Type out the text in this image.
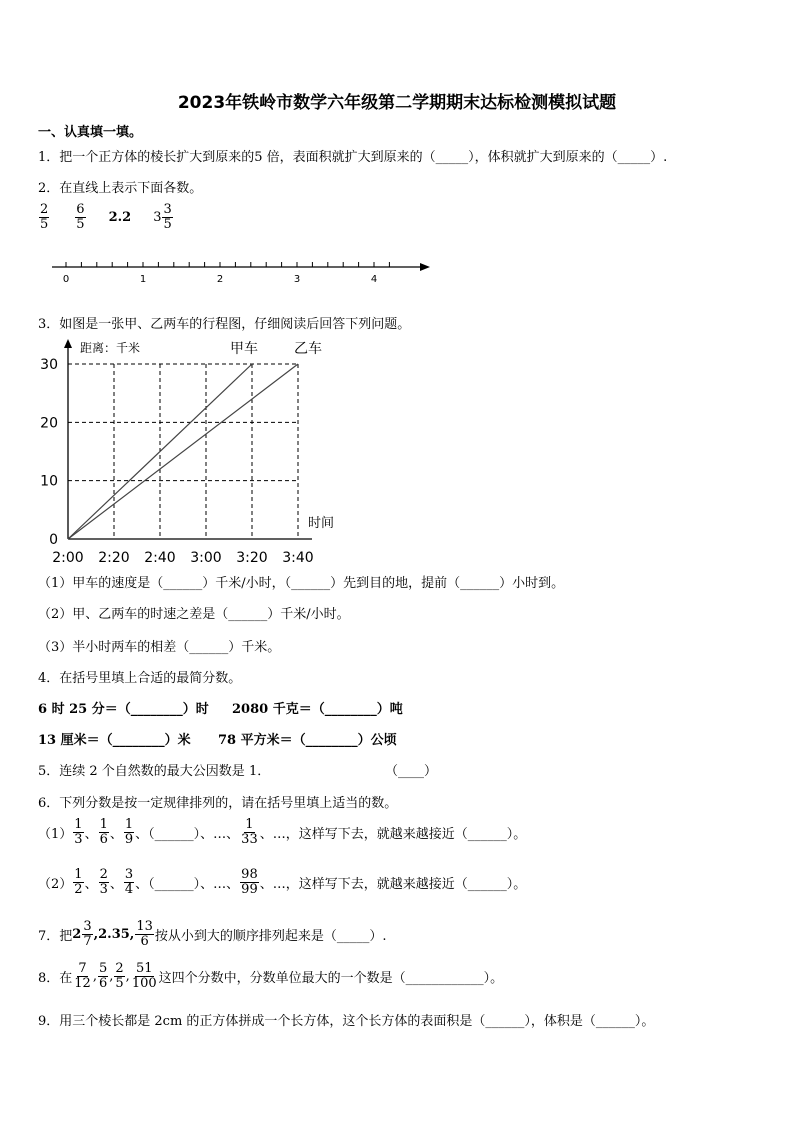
2023年铁岭市数学六年级第二学期期末达标检测模拟试题
一、认真填一填。
1．把一个正方体的棱长扩大到原来的5 倍，表面积就扩大到原来的（_____），体积就扩大到原来的（_____）.
2．在直线上表示下面各数。
$\frac{2}{5} \frac{6}{5} 2.2$ $3 \frac{3}{5}$
0	1	2	3	4
3．如图是一张甲、乙两车的行程图，仔细阅读后回答下列问题。
0
10
20
30
2:00 2:20 2:40 3:00 3:20 3:40
距离：千米
时间
甲车	乙车
（1）甲车的速度是（______）千米/小时，（______）先到目的地，提前（______）小时到。
（2）甲、乙两车的时速之差是（______）千米/小时。
（3）半小时两车的相差（______）千米。
4．在括号里填上合适的最简分数。
6 时 25 分＝（________）时 2080 千克＝（________）吨
13 厘米＝（________）米 78 平方米＝（________）公顷
5．连续 2 个自然数的最大公因数是 1．	（____）
6．下列分数是按一定规律排列的，请在括号里填上适当的数。
$(1) \frac{1}{3}$ 、 $\frac{1}{6}$ 、 $\frac{1}{9}$ 、（______）、…、 $\frac{1}{33}$ 、…，这样写下去，就越来越接近（______）。
$(2) \frac{1}{2}$ 、 $\frac{2}{3}$ 、 $\frac{3}{4}$ 、（______）、…、 $\frac{98}{99}$ 、…，这样写下去，就越来越接近（______）。
7．把 $2 \frac{3}{7} ,2.35$, $\frac{13}{6}$ 按从小到大的顺序排列起来是（_____）.
8．在 $\frac{7}{12}$ , $\frac{5}{6}$ , $\frac{2}{5}$ , $\frac{51}{100}$ 这四个分数中，分数单位最大的一个数是（____________）。
9．用三个棱长都是 2cm 的正方体拼成一个长方体，这个长方体的表面积是（______），体积是（______）。
